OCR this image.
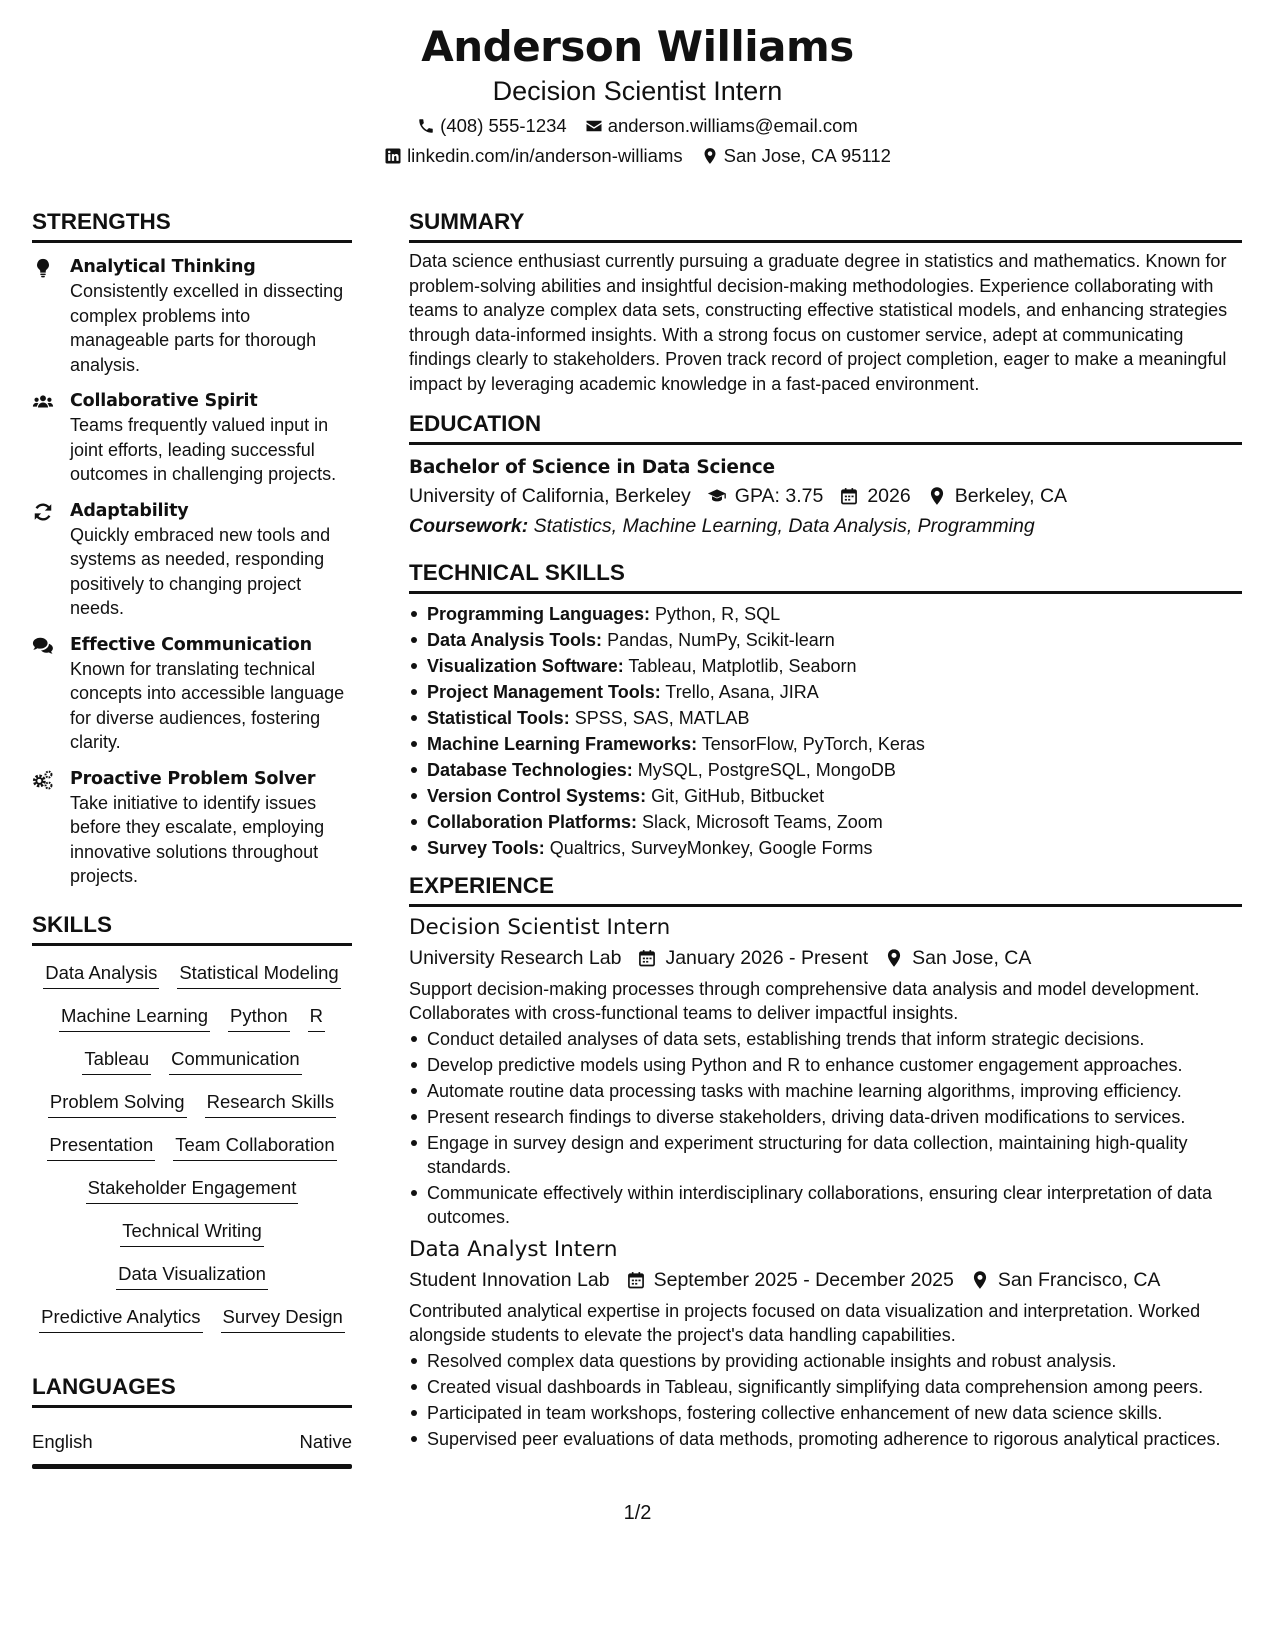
Anderson Williams
Decision Scientist Intern
(408) 555-1234 anderson.williams@email.com
linkedin.com/in/anderson-williams San Jose, CA 95112
STRENGTHS
Analytical Thinking
Consistently excelled in dissecting complex problems into manageable parts for thorough analysis.
Collaborative Spirit
Teams frequently valued input in joint efforts, leading successful outcomes in challenging projects.
Adaptability
Quickly embraced new tools and systems as needed, responding positively to changing project needs.
Effective Communication
Known for translating technical concepts into accessible language for diverse audiences, fostering clarity.
Proactive Problem Solver
Take initiative to identify issues before they escalate, employing innovative solutions throughout projects.
SKILLS
Data Analysis Statistical Modeling
Machine Learning Python R
Tableau Communication
Problem Solving Research Skills
Presentation Team Collaboration
Stakeholder Engagement
Technical Writing
Data Visualization
Predictive Analytics Survey Design
LANGUAGES
English	Native
SUMMARY
Data science enthusiast currently pursuing a graduate degree in statistics and mathematics. Known for problem-solving abilities and insightful decision-making methodologies. Experience collaborating with teams to analyze complex data sets, constructing effective statistical models, and enhancing strategies through data-informed insights. With a strong focus on customer service, adept at communicating findings clearly to stakeholders. Proven track record of project completion, eager to make a meaningful impact by leveraging academic knowledge in a fast-paced environment.
EDUCATION
Bachelor of Science in Data Science
University of California, Berkeley GPA: 3.75 2026 Berkeley, CA
Coursework: Statistics, Machine Learning, Data Analysis, Programming
TECHNICAL SKILLS
Programming Languages: Python, R, SQL
Data Analysis Tools: Pandas, NumPy, Scikit-learn
Visualization Software: Tableau, Matplotlib, Seaborn
Project Management Tools: Trello, Asana, JIRA
Statistical Tools: SPSS, SAS, MATLAB
Machine Learning Frameworks: TensorFlow, PyTorch, Keras
Database Technologies: MySQL, PostgreSQL, MongoDB
Version Control Systems: Git, GitHub, Bitbucket
Collaboration Platforms: Slack, Microsoft Teams, Zoom
Survey Tools: Qualtrics, SurveyMonkey, Google Forms
EXPERIENCE
Decision Scientist Intern
University Research Lab January 2026 - Present San Jose, CA
Support decision-making processes through comprehensive data analysis and model development. Collaborates with cross-functional teams to deliver impactful insights.
Conduct detailed analyses of data sets, establishing trends that inform strategic decisions.
Develop predictive models using Python and R to enhance customer engagement approaches.
Automate routine data processing tasks with machine learning algorithms, improving efficiency.
Present research findings to diverse stakeholders, driving data-driven modifications to services.
Engage in survey design and experiment structuring for data collection, maintaining high-quality standards.
Communicate effectively within interdisciplinary collaborations, ensuring clear interpretation of data outcomes.
Data Analyst Intern
Student Innovation Lab September 2025 - December 2025 San Francisco, CA
Contributed analytical expertise in projects focused on data visualization and interpretation. Worked alongside students to elevate the project's data handling capabilities.
Resolved complex data questions by providing actionable insights and robust analysis.
Created visual dashboards in Tableau, significantly simplifying data comprehension among peers.
Participated in team workshops, fostering collective enhancement of new data science skills.
Supervised peer evaluations of data methods, promoting adherence to rigorous analytical practices.
1/2
